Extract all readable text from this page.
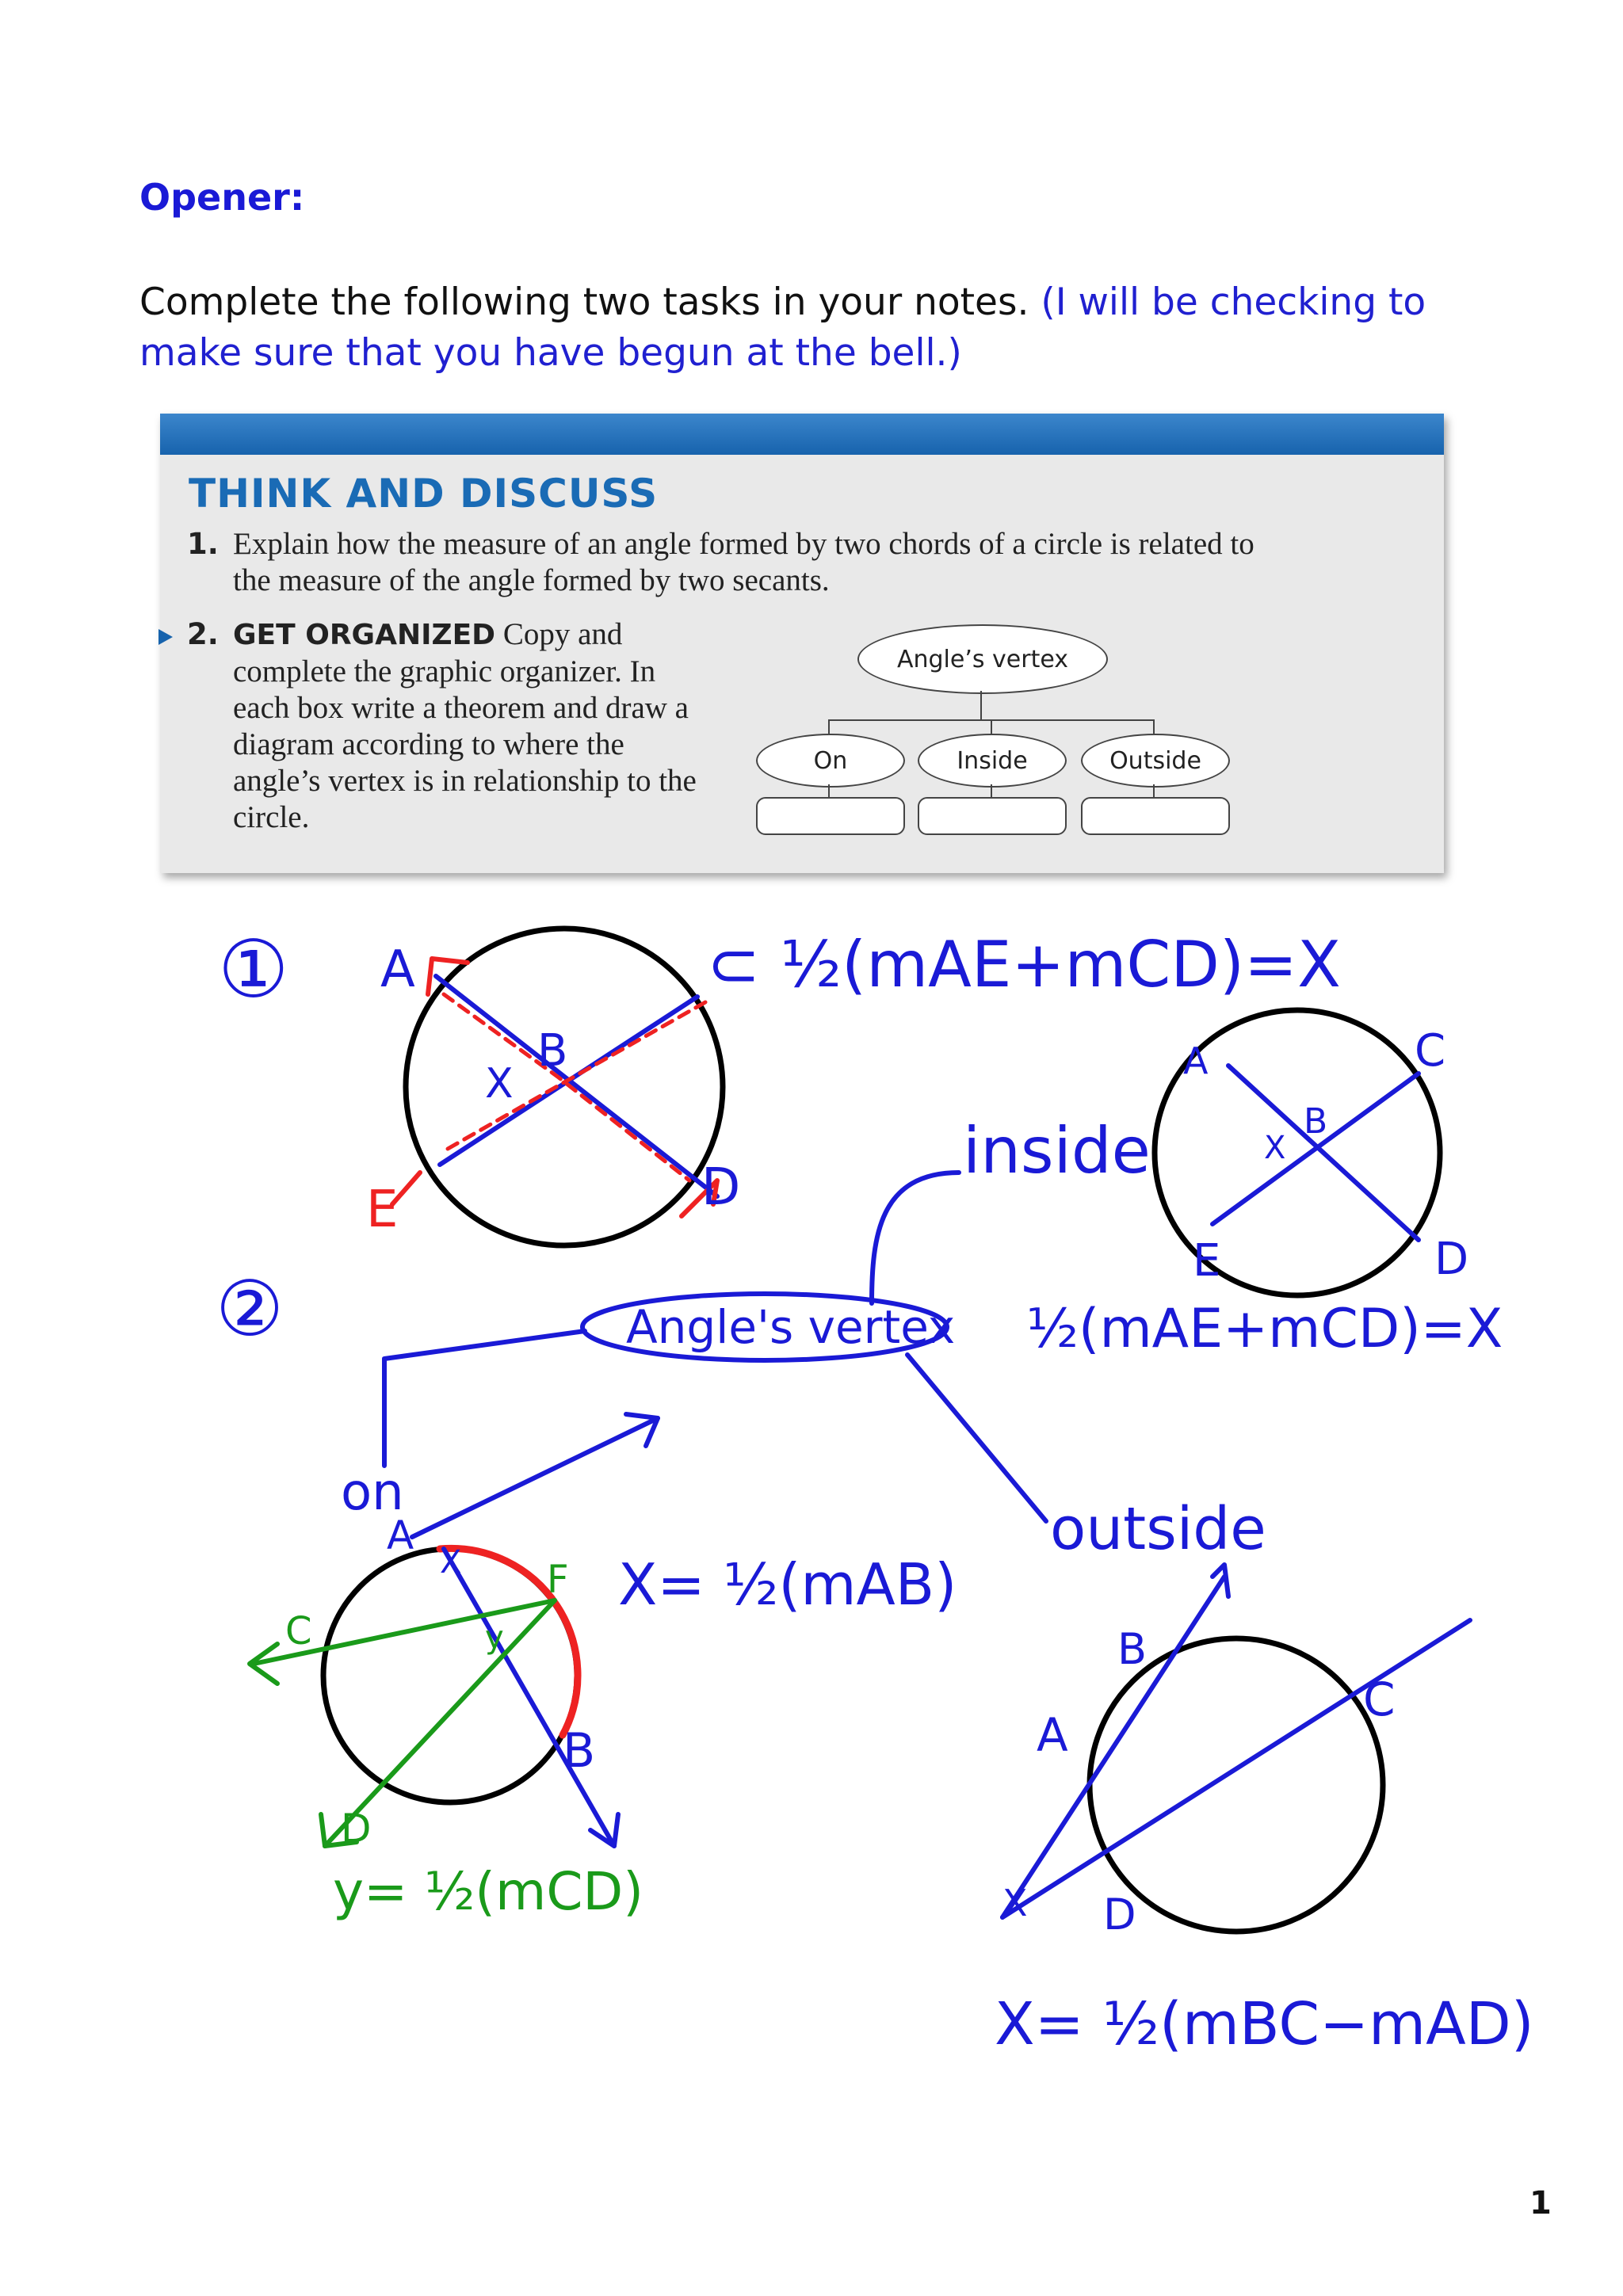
Opener:
Complete the following two tasks in your notes. (I will be checking to make sure that you have begun at the bell.)
THINK AND DISCUSS
1. Explain how the measure of an angle formed by two chords of a circle is related to the measure of the angle formed by two secants.
2. GET ORGANIZED Copy and complete the graphic organizer. In each box write a theorem and draw a diagram according to where the angle’s vertex is in relationship to the circle.
Angle’s vertex
On	Inside	Outside
① A
B
X
E	D
⊂ ½(mAE+mCD)=X
A	C
B
X
E	D
inside
½(mAE+mCD)=X
②	Angle's vertex
on
A
X F
y
C
B
D
X= ½(mAB)
y= ½(mCD)
outside
B
A
C
X D
X= ½(mBC−mAD)
1
